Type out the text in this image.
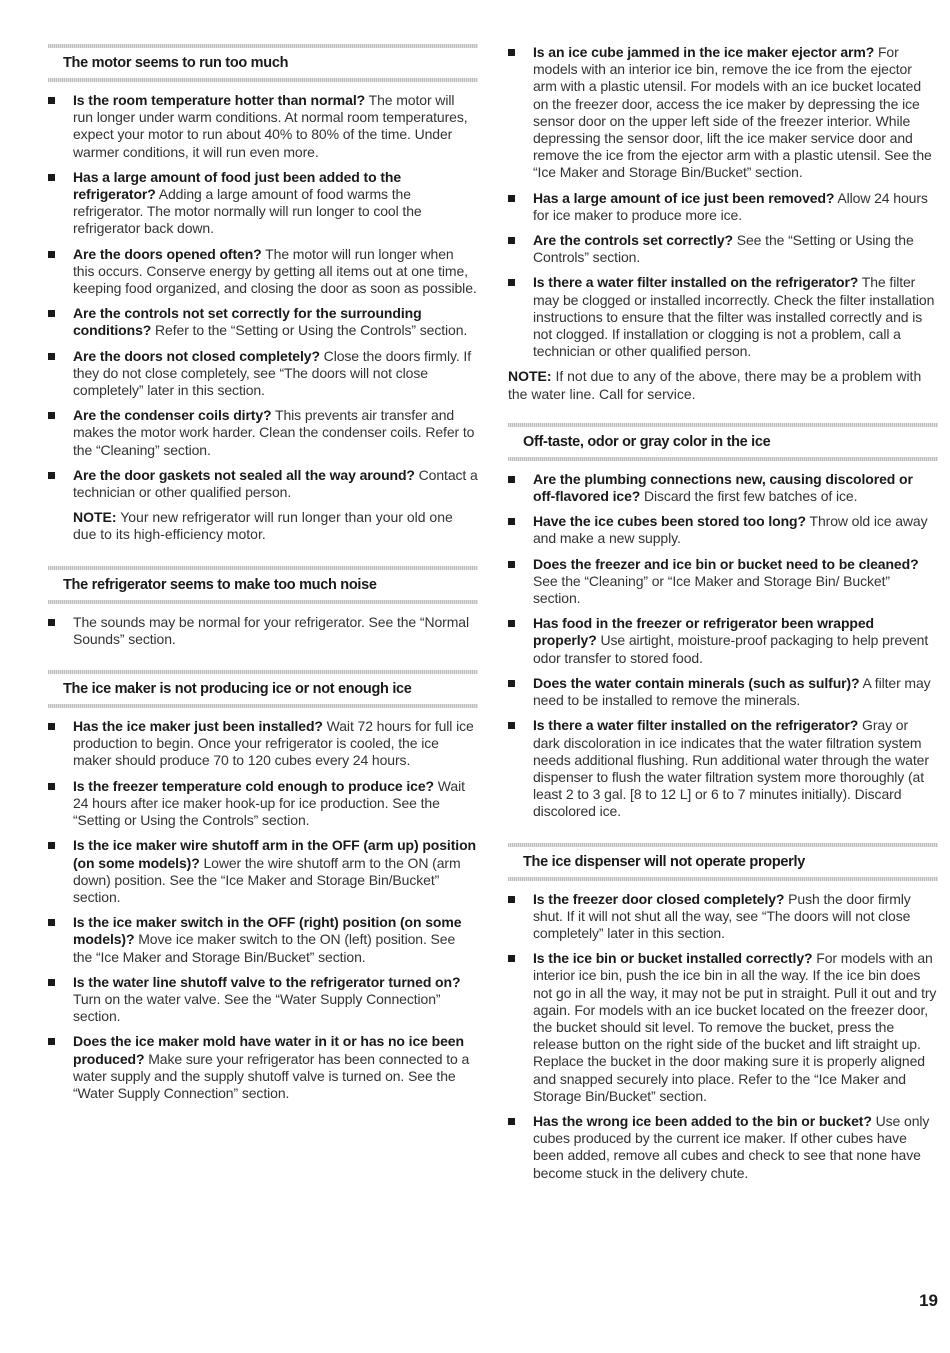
The motor seems to run too much
Is the room temperature hotter than normal? The motor will run longer under warm conditions. At normal room temperatures, expect your motor to run about 40% to 80% of the time. Under warmer conditions, it will run even more.
Has a large amount of food just been added to the refrigerator? Adding a large amount of food warms the refrigerator. The motor normally will run longer to cool the refrigerator back down.
Are the doors opened often? The motor will run longer when this occurs. Conserve energy by getting all items out at one time, keeping food organized, and closing the door as soon as possible.
Are the controls not set correctly for the surrounding conditions? Refer to the “Setting or Using the Controls” section.
Are the doors not closed completely? Close the doors firmly. If they do not close completely, see “The doors will not close completely” later in this section.
Are the condenser coils dirty? This prevents air transfer and makes the motor work harder. Clean the condenser coils. Refer to the “Cleaning” section.
Are the door gaskets not sealed all the way around? Contact a technician or other qualified person.

NOTE: Your new refrigerator will run longer than your old one due to its high-efficiency motor.

The refrigerator seems to make too much noise
The sounds may be normal for your refrigerator. See the “Normal Sounds” section.
The ice maker is not producing ice or not enough ice
Has the ice maker just been installed? Wait 72 hours for full ice production to begin. Once your refrigerator is cooled, the ice maker should produce 70 to 120 cubes every 24 hours.
Is the freezer temperature cold enough to produce ice? Wait 24 hours after ice maker hook-up for ice production. See the “Setting or Using the Controls” section.
Is the ice maker wire shutoff arm in the OFF (arm up) position (on some models)? Lower the wire shutoff arm to the ON (arm down) position. See the “Ice Maker and Storage Bin/Bucket” section.
Is the ice maker switch in the OFF (right) position (on some models)? Move ice maker switch to the ON (left) position. See the “Ice Maker and Storage Bin/Bucket” section.
Is the water line shutoff valve to the refrigerator turned on? Turn on the water valve. See the “Water Supply Connection” section.
Does the ice maker mold have water in it or has no ice been produced? Make sure your refrigerator has been connected to a water supply and the supply shutoff valve is turned on. See the “Water Supply Connection” section.
Is an ice cube jammed in the ice maker ejector arm? For models with an interior ice bin, remove the ice from the ejector arm with a plastic utensil. For models with an ice bucket located on the freezer door, access the ice maker by depressing the ice sensor door on the upper left side of the freezer interior. While depressing the sensor door, lift the ice maker service door and remove the ice from the ejector arm with a plastic utensil. See the “Ice Maker and Storage Bin/Bucket” section.
Has a large amount of ice just been removed? Allow 24 hours for ice maker to produce more ice.
Are the controls set correctly? See the “Setting or Using the Controls” section.
Is there a water filter installed on the refrigerator? The filter may be clogged or installed incorrectly. Check the filter installation instructions to ensure that the filter was installed correctly and is not clogged. If installation or clogging is not a problem, call a technician or other qualified person.

NOTE: If not due to any of the above, there may be a problem with the water line. Call for service.

Off-taste, odor or gray color in the ice
Are the plumbing connections new, causing discolored or off-flavored ice? Discard the first few batches of ice.
Have the ice cubes been stored too long? Throw old ice away and make a new supply.
Does the freezer and ice bin or bucket need to be cleaned? See the “Cleaning” or “Ice Maker and Storage Bin/ Bucket” section.
Has food in the freezer or refrigerator been wrapped properly? Use airtight, moisture-proof packaging to help prevent odor transfer to stored food.
Does the water contain minerals (such as sulfur)? A filter may need to be installed to remove the minerals.
Is there a water filter installed on the refrigerator? Gray or dark discoloration in ice indicates that the water filtration system needs additional flushing. Run additional water through the water dispenser to flush the water filtration system more thoroughly (at least 2 to 3 gal. [8 to 12 L] or 6 to 7 minutes initially). Discard discolored ice.
The ice dispenser will not operate properly
Is the freezer door closed completely? Push the door firmly shut. If it will not shut all the way, see “The doors will not close completely” later in this section.
Is the ice bin or bucket installed correctly? For models with an interior ice bin, push the ice bin in all the way. If the ice bin does not go in all the way, it may not be put in straight. Pull it out and try again. For models with an ice bucket located on the freezer door, the bucket should sit level. To remove the bucket, press the release button on the right side of the bucket and lift straight up. Replace the bucket in the door making sure it is properly aligned and snapped securely into place. Refer to the “Ice Maker and Storage Bin/Bucket” section.
Has the wrong ice been added to the bin or bucket? Use only cubes produced by the current ice maker. If other cubes have been added, remove all cubes and check to see that none have become stuck in the delivery chute.
19
